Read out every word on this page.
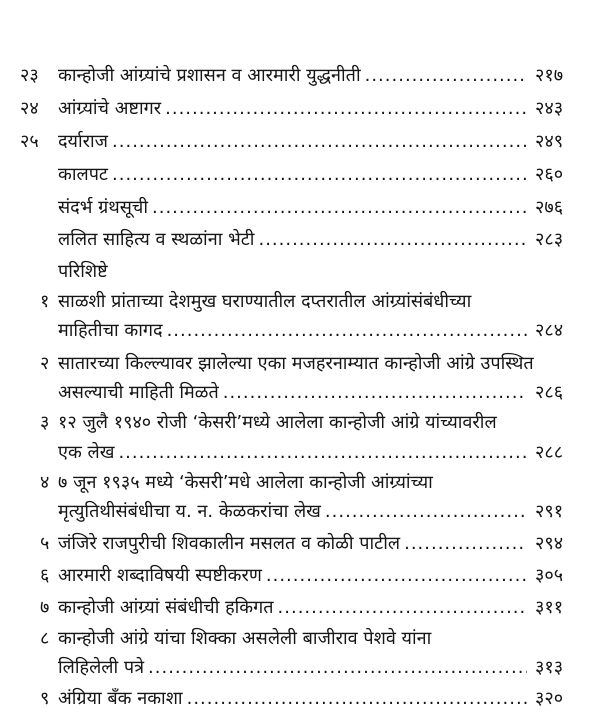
२३ कान्होजी आंग्र्यांचे प्रशासन व आरमारी युद्धनीती .....	२१७
२४ आंग्र्यांचे अष्टागर .....	२४३
२५ दर्याराज .....	२४९
कालपट .....	२६०
संदर्भ ग्रंथसूची .....	२७६
ललित साहित्य व स्थळांना भेटी .....	२८३
परिशिष्टे
१ साळशी प्रांताच्या देशमुख घराण्यातील दप्तरातील आंग्र्यांसंबंधीच्या
माहितीचा कागद .....	२८४
२ सातारच्या किल्ल्यावर झालेल्या एका मजहरनाम्यात कान्होजी आंग्रे उपस्थित
असल्याची माहिती मिळते .....	२८६
३ १२ जुलै १९४० रोजी ‘केसरी’मध्ये आलेला कान्होजी आंग्रे यांच्यावरील
एक लेख .....	२८८
४ ७ जून १९३५ मध्ये ‘केसरी’मधे आलेला कान्होजी आंग्र्यांच्या
मृत्युतिथीसंबंधीचा य. न. केळकरांचा लेख .....	२९१
५ जंजिरे राजपुरीची शिवकालीन मसलत व कोळी पाटील .....	२९४
६ आरमारी शब्दाविषयी स्पष्टीकरण .....	३०५
७ कान्होजी आंग्र्यां संबंधीची हकिगत .....	३११
८ कान्होजी आंग्रे यांचा शिक्का असलेली बाजीराव पेशवे यांना
लिहिलेली पत्रे .....	३१३
९ अंग्रिया बँक नकाशा .....	३२०
